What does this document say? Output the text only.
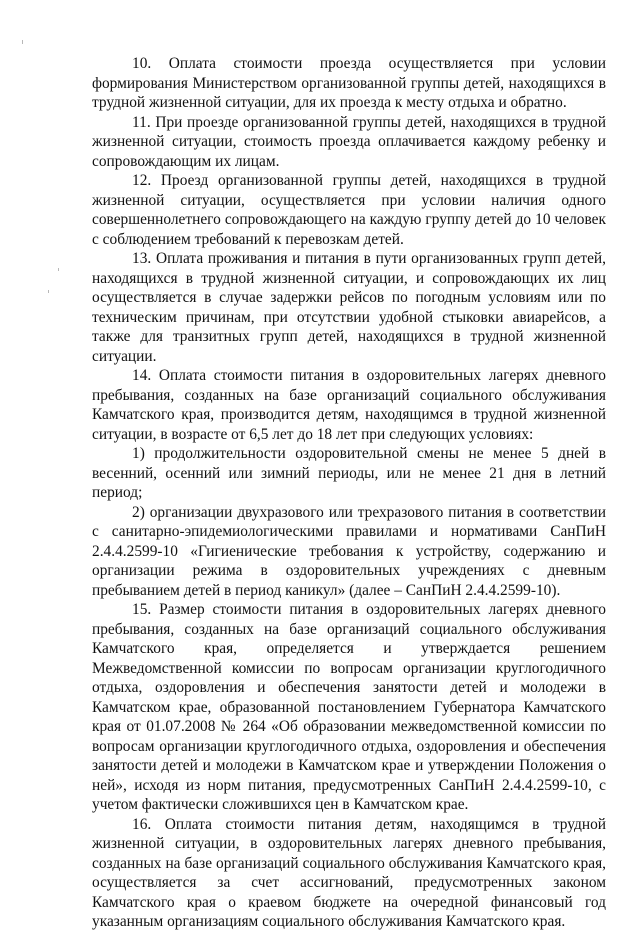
10. Оплата стоимости проезда осуществляется при условии формирования Министерством организованной группы детей, находящихся в трудной жизненной ситуации, для их проезда к месту отдыха и обратно.

11. При проезде организованной группы детей, находящихся в трудной жизненной ситуации, стоимость проезда оплачивается каждому ребенку и сопровождающим их лицам.

12. Проезд организованной группы детей, находящихся в трудной жизненной ситуации, осуществляется при условии наличия одного совершеннолетнего сопровождающего на каждую группу детей до 10 человек с соблюдением требований к перевозкам детей.

13. Оплата проживания и питания в пути организованных групп детей, находящихся в трудной жизненной ситуации, и сопровождающих их лиц осуществляется в случае задержки рейсов по погодным условиям или по техническим причинам, при отсутствии удобной стыковки авиарейсов, а также для транзитных групп детей, находящихся в трудной жизненной ситуации.

14. Оплата стоимости питания в оздоровительных лагерях дневного пребывания, созданных на базе организаций социального обслуживания Камчатского края, производится детям, находящимся в трудной жизненной ситуации, в возрасте от 6,5 лет до 18 лет при следующих условиях:

1) продолжительности оздоровительной смены не менее 5 дней в весенний, осенний или зимний периоды, или не менее 21 дня в летний период;

2) организации двухразового или трехразового питания в соответствии с санитарно-эпидемиологическими правилами и нормативами СанПиН 2.4.4.2599-10 «Гигиенические требования к устройству, содержанию и организации режима в оздоровительных учреждениях с дневным пребыванием детей в период каникул» (далее – СанПиН 2.4.4.2599-10).

15. Размер стоимости питания в оздоровительных лагерях дневного пребывания, созданных на базе организаций социального обслуживания Камчатского края, определяется и утверждается решением Межведомственной комиссии по вопросам организации круглогодичного отдыха, оздоровления и обеспечения занятости детей и молодежи в Камчатском крае, образованной постановлением Губернатора Камчатского края от 01.07.2008 № 264 «Об образовании межведомственной комиссии по вопросам организации круглогодичного отдыха, оздоровления и обеспечения занятости детей и молодежи в Камчатском крае и утверждении Положения о ней», исходя из норм питания, предусмотренных СанПиН 2.4.4.2599-10, с учетом фактически сложившихся цен в Камчатском крае.

16. Оплата стоимости питания детям, находящимся в трудной жизненной ситуации, в оздоровительных лагерях дневного пребывания, созданных на базе организаций социального обслуживания Камчатского края, осуществляется за счет ассигнований, предусмотренных законом Камчатского края о краевом бюджете на очередной финансовый год указанным организациям социального обслуживания Камчатского края.
